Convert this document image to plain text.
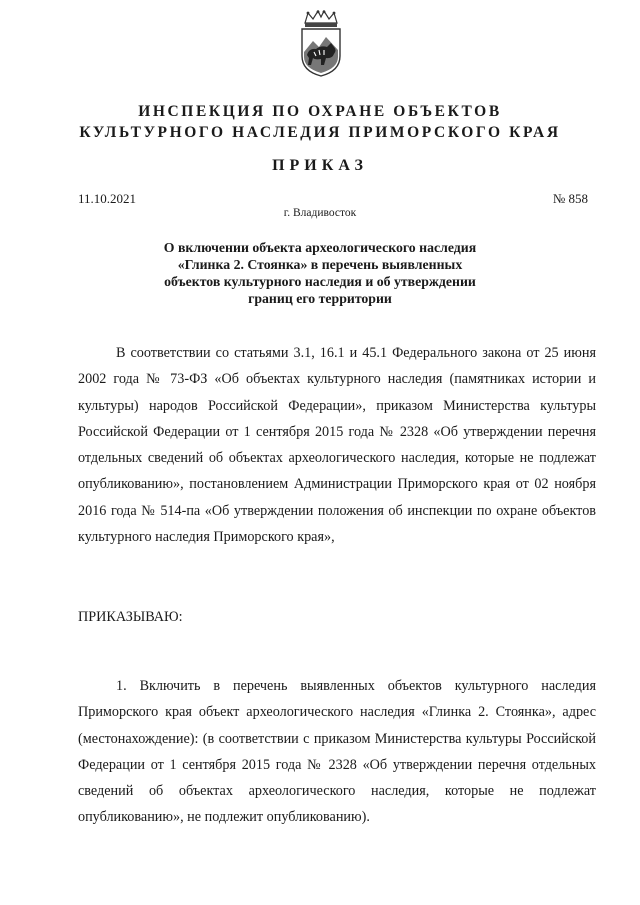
ИНСПЕКЦИЯ ПО ОХРАНЕ ОБЪЕКТОВ
КУЛЬТУРНОГО НАСЛЕДИЯ ПРИМОРСКОГО КРАЯ
ПРИКАЗ
11.10.2021	№ 858
г. Владивосток
О включении объекта археологического наследия «Глинка 2. Стоянка» в перечень выявленных объектов культурного наследия и об утверждении границ его территории

В соответствии со статьями 3.1, 16.1 и 45.1 Федерального закона от 25 июня 2002 года № 73-ФЗ «Об объектах культурного наследия (памятниках истории и культуры) народов Российской Федерации», приказом Министерства культуры Российской Федерации от 1 сентября 2015 года № 2328 «Об утверждении перечня отдельных сведений об объектах археологического наследия, которые не подлежат опубликованию», постановлением Администрации Приморского края от 02 ноября 2016 года № 514-па «Об утверждении положения об инспекции по охране объектов культурного наследия Приморского края»,

ПРИКАЗЫВАЮ:

1. Включить в перечень выявленных объектов культурного наследия Приморского края объект археологического наследия «Глинка 2. Стоянка», адрес (местонахождение): (в соответствии с приказом Министерства культуры Российской Федерации от 1 сентября 2015 года № 2328 «Об утверждении перечня отдельных сведений об объектах археологического наследия, которые не подлежат опубликованию», не подлежит опубликованию).
